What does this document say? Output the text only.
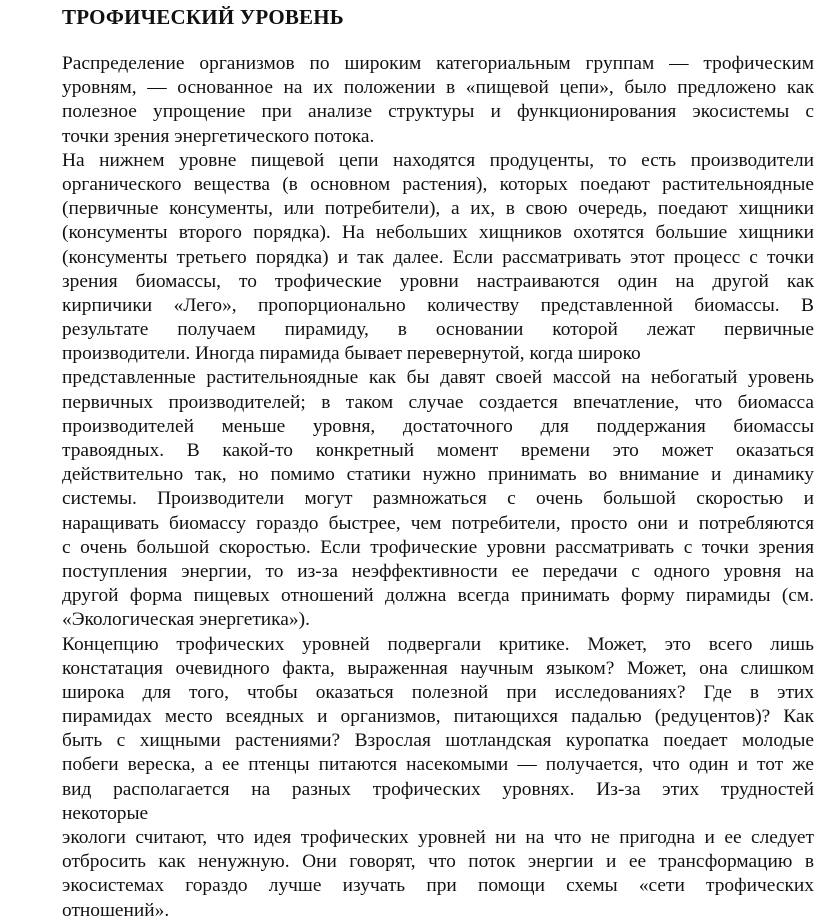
ТРОФИЧЕСКИЙ УРОВЕНЬ
Распределение организмов по широким категориальным группам — трофическим
уровням, — основанное на их положении в «пищевой цепи», было предложено как
полезное упрощение при анализе структуры и функционирования экосистемы с
точки зрения энергетического потока.
На нижнем уровне пищевой цепи находятся продуценты, то есть производители
органического вещества (в основном растения), которых поедают растительноядные
(первичные консументы, или потребители), а их, в свою очередь, поедают хищники
(консументы второго порядка). На небольших хищников охотятся большие хищники
(консументы третьего порядка) и так далее. Если рассматривать этот процесс с точки
зрения биомассы, то трофические уровни настраиваются один на другой как
кирпичики «Лего», пропорционально количеству представленной биомассы. В
результате получаем пирамиду, в основании которой лежат первичные
производители. Иногда пирамида бывает перевернутой, когда широко
представленные растительноядные как бы давят своей массой на небогатый уровень
первичных производителей; в таком случае создается впечатление, что биомасса
производителей меньше уровня, достаточного для поддержания биомассы
травоядных. В какой-то конкретный момент времени это может оказаться
действительно так, но помимо статики нужно принимать во внимание и динамику
системы. Производители могут размножаться с очень большой скоростью и
наращивать биомассу гораздо быстрее, чем потребители, просто они и потребляются
с очень большой скоростью. Если трофические уровни рассматривать с точки зрения
поступления энергии, то из-за неэффективности ее передачи с одного уровня на
другой форма пищевых отношений должна всегда принимать форму пирамиды (см.
«Экологическая энергетика»).
Концепцию трофических уровней подвергали критике. Может, это всего лишь
констатация очевидного факта, выраженная научным языком? Может, она слишком
широка для того, чтобы оказаться полезной при исследованиях? Где в этих
пирамидах место всеядных и организмов, питающихся падалью (редуцентов)? Как
быть с хищными растениями? Взрослая шотландская куропатка поедает молодые
побеги вереска, а ее птенцы питаются насекомыми — получается, что один и тот же
вид располагается на разных трофических уровнях. Из-за этих трудностей
некоторые
экологи считают, что идея трофических уровней ни на что не пригодна и ее следует
отбросить как ненужную. Они говорят, что поток энергии и ее трансформацию в
экосистемах гораздо лучше изучать при помощи схемы «сети трофических
отношений».
